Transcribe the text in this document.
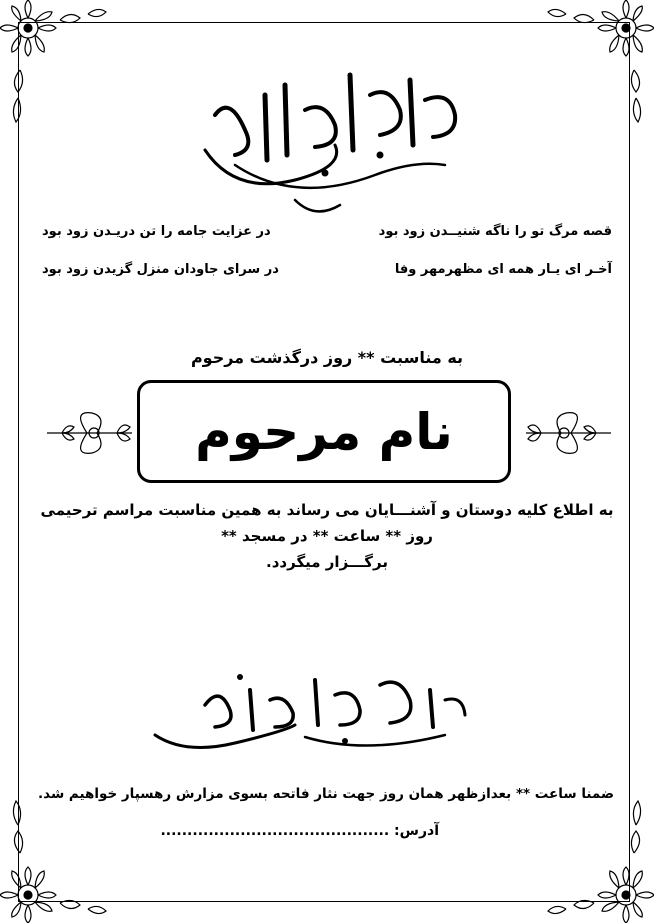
قصه مرگ تو را ناگه شنیــدن زود بود
در عزایت جامه را تن دریـدن زود بود
آخـر ای یـار همه ای مظهرمهر وفا
در سرای جاودان منزل گزیدن زود بود
به مناسبت ** روز درگذشت مرحوم
نام مرحوم
به اطلاع کلیه دوستان و آشنـــایان می رساند به همین مناسبت مراسم ترحیمی
روز ** ساعت ** در مسجد **
برگـــزار میگردد.
ضمنا ساعت ** بعدازظهر همان روز جهت نثار فاتحه بسوی مزارش رهسپار خواهیم شد.
آدرس: ...........................................
